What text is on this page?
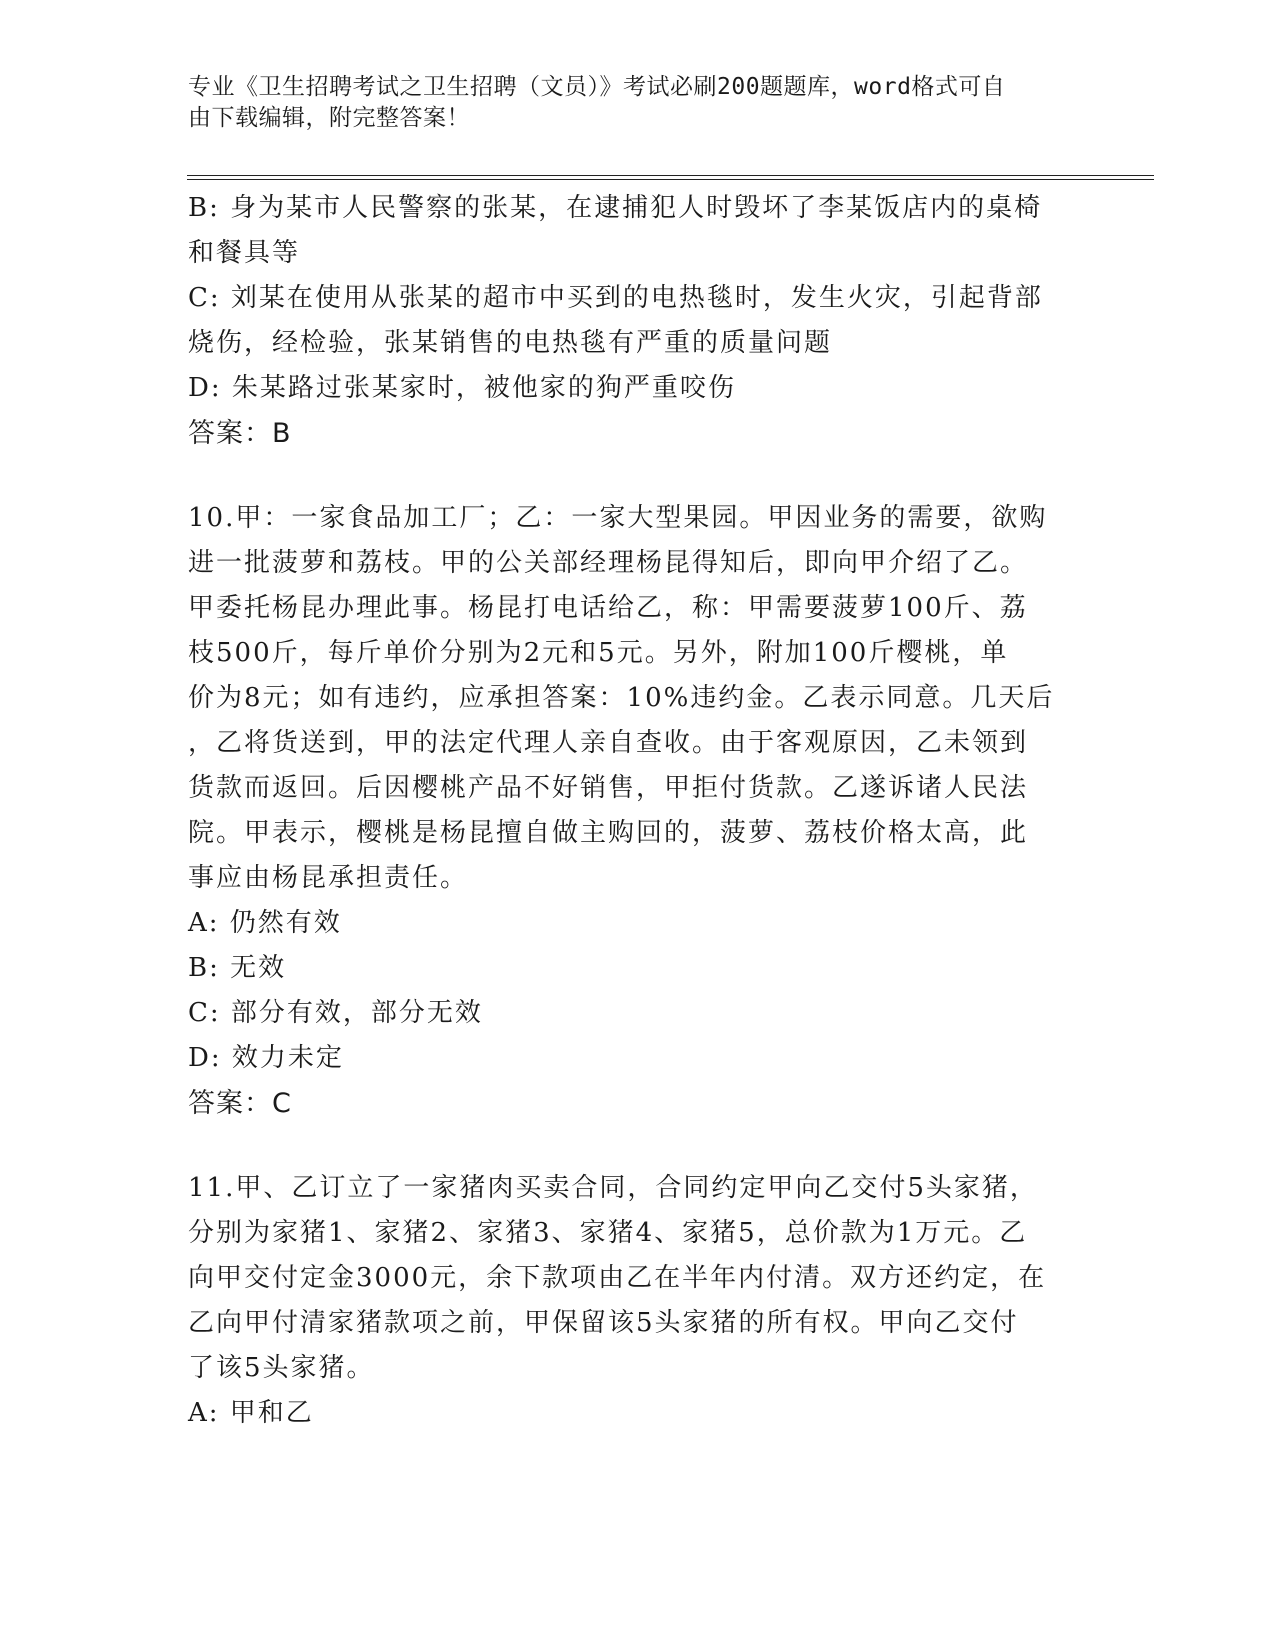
专业《卫生招聘考试之卫生招聘（文员）》考试必刷200题题库，word格式可自
由下载编辑，附完整答案！
B: 身为某市人民警察的张某，在逮捕犯人时毁坏了李某饭店内的桌椅
和餐具等
C: 刘某在使用从张某的超市中买到的电热毯时，发生火灾，引起背部
烧伤，经检验，张某销售的电热毯有严重的质量问题
D: 朱某路过张某家时，被他家的狗严重咬伤
答案：B
10.甲：一家食品加工厂；乙：一家大型果园。甲因业务的需要，欲购
进一批菠萝和荔枝。甲的公关部经理杨昆得知后，即向甲介绍了乙。
甲委托杨昆办理此事。杨昆打电话给乙，称：甲需要菠萝100斤、荔
枝500斤，每斤单价分别为2元和5元。另外，附加100斤樱桃，单
价为8元；如有违约，应承担答案：10%违约金。乙表示同意。几天后
，乙将货送到，甲的法定代理人亲自查收。由于客观原因，乙未领到
货款而返回。后因樱桃产品不好销售，甲拒付货款。乙遂诉诸人民法
院。甲表示，樱桃是杨昆擅自做主购回的，菠萝、荔枝价格太高，此
事应由杨昆承担责任。
A: 仍然有效
B: 无效
C: 部分有效，部分无效
D: 效力未定
答案：C
11.甲、乙订立了一家猪肉买卖合同，合同约定甲向乙交付5头家猪，
分别为家猪1、家猪2、家猪3、家猪4、家猪5，总价款为1万元。乙
向甲交付定金3000元，余下款项由乙在半年内付清。双方还约定，在
乙向甲付清家猪款项之前，甲保留该5头家猪的所有权。甲向乙交付
了该5头家猪。
A: 甲和乙
